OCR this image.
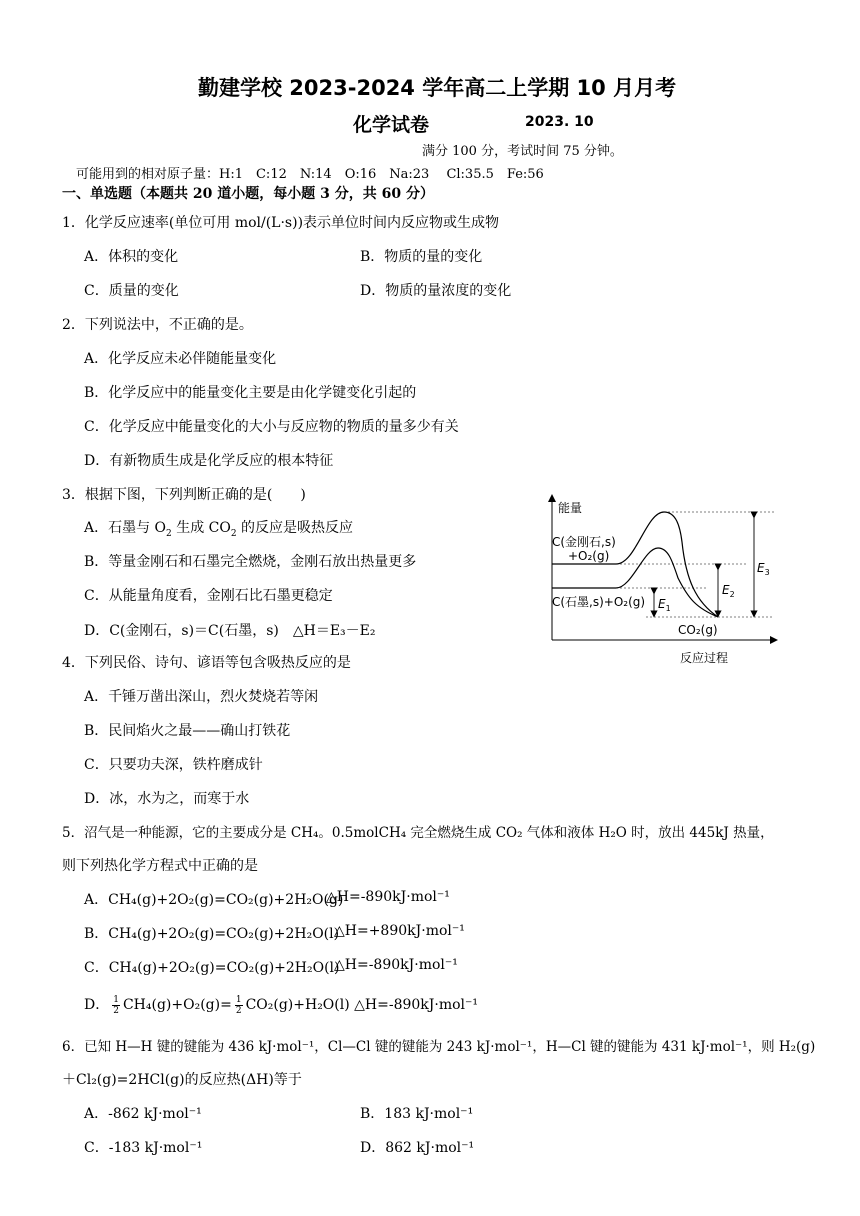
勤建学校 2023-2024 学年高二上学期 10 月月考
化学试卷	2023. 10
满分 100 分，考试时间 75 分钟。
可能用到的相对原子量：H:1　C:12　N:14　O:16　Na:23　 Cl:35.5　Fe:56
一、单选题（本题共 20 道小题，每小题 3 分，共 60 分）
1．化学反应速率(单位可用 mol/(L·s))表示单位时间内反应物或生成物
A．体积的变化	B．物质的量的变化
C．质量的变化	D．物质的量浓度的变化
2．下列说法中，不正确的是。
A．化学反应未必伴随能量变化
B．化学反应中的能量变化主要是由化学键变化引起的
C．化学反应中能量变化的大小与反应物的物质的量多少有关
D．有新物质生成是化学反应的根本特征
3．根据下图，下列判断正确的是(　　)
A．石墨与 $O_2$ 生成 $CO_2$ 的反应是吸热反应
B．等量金刚石和石墨完全燃烧，金刚石放出热量更多
C．从能量角度看，金刚石比石墨更稳定
D．C(金刚石，s)＝C(石墨，s)　△H＝E₃－E₂
能量
反应过程
C(金刚石,s)
+O₂(g)
C(石墨,s)+O₂(g)
CO₂(g)
$E_1$
$E_2$
$E_3$
4．下列民俗、诗句、谚语等包含吸热反应的是
A．千锤万凿出深山，烈火焚烧若等闲
B．民间焰火之最——确山打铁花
C．只要功夫深，铁杵磨成针
D．冰，水为之，而寒于水
5．沼气是一种能源，它的主要成分是 CH₄。0.5molCH₄ 完全燃烧生成 CO₂ 气体和液体 H₂O 时，放出 445kJ 热量，
则下列热化学方程式中正确的是
A．CH₄(g)+2O₂(g)=CO₂(g)+2H₂O(g)
△H=-890kJ·mol⁻¹
B．CH₄(g)+2O₂(g)=CO₂(g)+2H₂O(l)
△H=+890kJ·mol⁻¹
C．CH₄(g)+2O₂(g)=CO₂(g)+2H₂O(l)
△H=-890kJ·mol⁻¹
D． $\frac{1}{2} CH_4(g)+O_2(g)= \frac{1}{2} CO_2(g)+H_2O(l)$ △H=-890kJ·mol⁻¹
6．已知 H—H 键的键能为 436 kJ·mol⁻¹，Cl—Cl 键的键能为 243 kJ·mol⁻¹，H—Cl 键的键能为 431 kJ·mol⁻¹，则 H₂(g)
＋Cl₂(g)=2HCl(g)的反应热(ΔH)等于
A．-862 kJ·mol⁻¹	B．183 kJ·mol⁻¹
C．-183 kJ·mol⁻¹	D．862 kJ·mol⁻¹
